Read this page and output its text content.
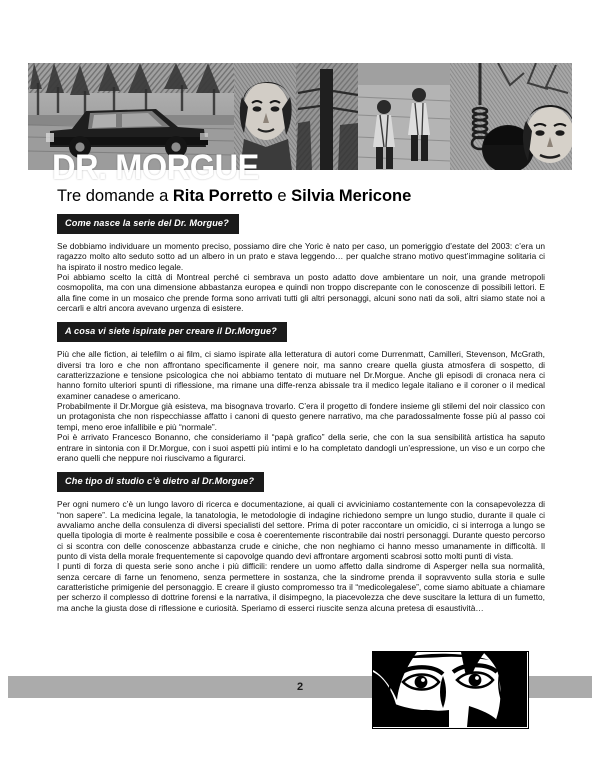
DR. MORGUE
Tre domande a Rita Porretto e Silvia Mericone
Come nasce la serie del Dr. Morgue?

Se dobbiamo individuare un momento preciso, possiamo dire che Yoric è nato per caso, un pomeriggio d’estate del 2003: c’era un ragazzo molto alto seduto sotto ad un albero in un prato e stava leggendo… per qualche strano motivo quest’immagine solitaria ci ha ispirato il nostro medico legale.

Poi abbiamo scelto la città di Montreal perché ci sembrava un posto adatto dove ambientare un noir, una grande metropoli cosmopolita, ma con una dimensione abbastanza europea e quindi non troppo discrepante con le conoscenze di possibili lettori. E alla fine come in un mosaico che prende forma sono arrivati tutti gli altri personaggi, alcuni sono nati da soli, altri siamo state noi a cercarli e altri ancora avevano urgenza di esistere.

A cosa vi siete ispirate per creare il Dr.Morgue?

Più che alle fiction, ai telefilm o ai film, ci siamo ispirate alla letteratura di autori come Durrenmatt, Camilleri, Stevenson, McGrath, diversi tra loro e che non affrontano specificamente il genere noir, ma sanno creare quella giusta atmosfera di sospetto, di caratterizzazione e tensione psicologica che noi abbiamo tentato di mutuare nel Dr.Morgue. Anche gli episodi di cronaca nera ci hanno fornito ulteriori spunti di riflessione, ma rimane una diffe-renza abissale tra il medico legale italiano e il coroner o il medical examiner canadese o americano.

Probabilmente il Dr.Morgue già esisteva, ma bisognava trovarlo. C’era il progetto di fondere insieme gli stilemi del noir classico con un protagonista che non rispecchiasse affatto i canoni di questo genere narrativo, ma che paradossalmente fosse più al passo coi tempi, meno eroe infallibile e più “normale”.

Poi è arrivato Francesco Bonanno, che consideriamo il “papà grafico” della serie, che con la sua sensibilità artistica ha saputo entrare in sintonia con il Dr.Morgue, con i suoi aspetti più intimi e lo ha completato dandogli un’espressione, un viso e un corpo che erano quelli che neppure noi riuscivamo a figurarci.

Che tipo di studio c’è dietro al Dr.Morgue?

Per ogni numero c’è un lungo lavoro di ricerca e documentazione, ai quali ci avviciniamo costantemente con la consapevolezza di “non sapere”. La medicina legale, la tanatologia, le metodologie di indagine richiedono sempre un lungo studio, durante il quale ci avvaliamo anche della consulenza di diversi specialisti del settore. Prima di poter raccontare un omicidio, ci si interroga a lungo se quella tipologia di morte è realmente possibile e cosa è coerentemente riscontrabile dai nostri personaggi. Durante questo percorso ci si scontra con delle conoscenze abbastanza crude e ciniche, che non neghiamo ci hanno messo umanamente in difficoltà. Il punto di vista della morale frequentemente si capovolge quando devi affrontare argomenti scabrosi sotto molti punti di vista.

I punti di forza di questa serie sono anche i più difficili: rendere un uomo affetto dalla sindrome di Asperger nella sua normalità, senza cercare di farne un fenomeno, senza permettere in sostanza, che la sindrome prenda il sopravvento sulla storia e sulle caratteristiche primigenie del personaggio. E creare il giusto compromesso tra il “medicolegalese”, come siamo abituate a chiamare per scherzo il complesso di dottrine forensi e la narrativa, il disimpegno, la piacevolezza che deve suscitare la lettura di un fumetto, ma anche la giusta dose di riflessione e curiosità. Speriamo di esserci riuscite senza alcuna pretesa di esaustività…

2
